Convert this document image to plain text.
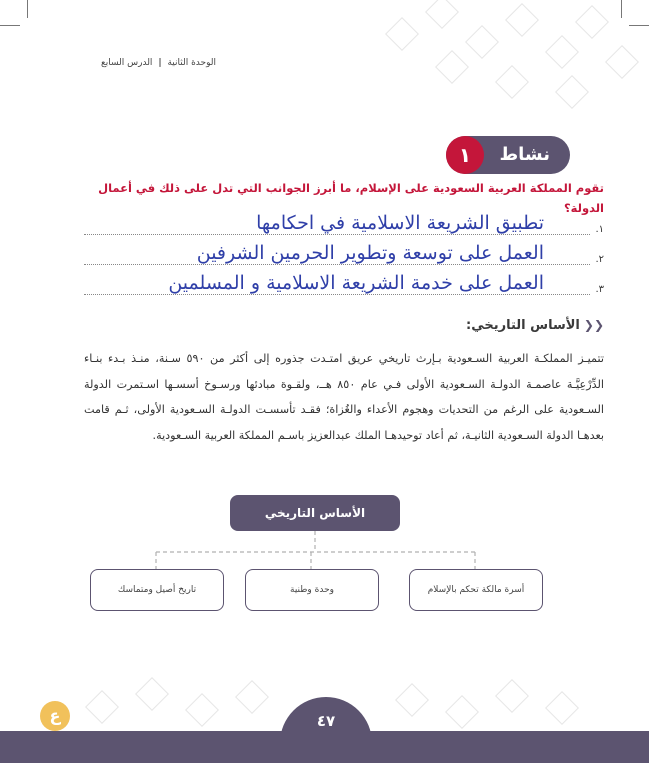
الوحدة الثانية | الدرس السابع
نشاط
١
تقوم المملكة العربية السعودية على الإسلام، ما أبرز الجوانب التي تدل على ذلك في أعمال الدولة؟
١.
تطبيق الشريعة الاسلامية في احكامها
٢.
العمل على توسعة وتطوير الحرمين الشرفين
٣.
العمل على خدمة الشريعة الاسلامية و المسلمين
❮❮الأساس التاريخي:
تتميـز المملكـة العربية السـعودية بـإرث تاريخي عريق امتـدت جذوره إلى أكثر من ٥٩٠ سـنة، منـذ بـدء بنـاء الدِّرْعِيَّـة عاصمـة الدولـة السـعودية الأولى فـي عام ٨٥٠ هــ، ولقـوة مبادئها ورسـوخ أسسـها اسـتمرت الدولة السـعودية على الرغم من التحديات وهجوم الأعداء والغُزاة؛ فقـد تأسسـت الدولـة السـعودية الأولى، ثـم قامت بعدهـا الدولة السـعودية الثانيـة، ثم أعاد توحيدهـا الملك عبدالعزيز باسـم المملكة العربية السـعودية.
الأساس التاريخي
أسرة مالكة تحكم بالإسلام
وحدة وطنية
تاريخ أصيل ومتماسك
ع	٤٧
